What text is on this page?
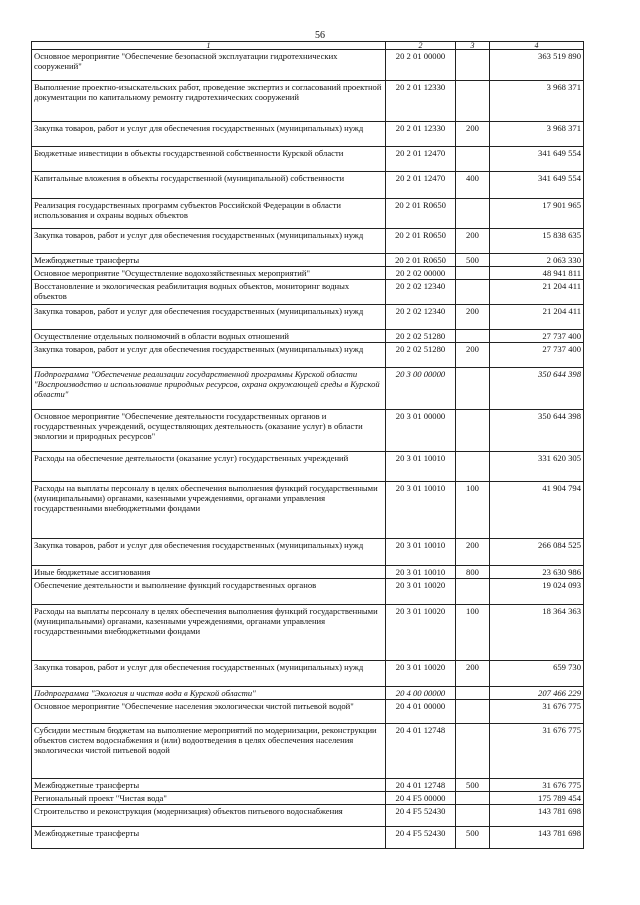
56
1	2	3	4
Основное мероприятие "Обеспечение безопасной эксплуатации гидротехнических сооружений"	20 2 01 00000		363 519 890
Выполнение проектно-изыскательских работ, проведение экспертиз и согласований проектной документации по капитальному ремонту гидротехнических сооружений	20 2 01 12330		3 968 371
Закупка товаров, работ и услуг для обеспечения государственных (муниципальных) нужд	20 2 01 12330	200	3 968 371
Бюджетные инвестиции в объекты государственной собственности Курской области	20 2 01 12470		341 649 554
Капитальные вложения в объекты государственной (муниципальной) собственности	20 2 01 12470	400	341 649 554
Реализация государственных программ субъектов Российской Федерации в области использования и охраны водных объектов	20 2 01 R0650		17 901 965
Закупка товаров, работ и услуг для обеспечения государственных (муниципальных) нужд	20 2 01 R0650	200	15 838 635
Межбюджетные трансферты	20 2 01 R0650	500	2 063 330
Основное мероприятие "Осуществление водохозяйственных мероприятий"	20 2 02 00000		48 941 811
Восстановление и экологическая реабилитация водных объектов, мониторинг водных объектов	20 2 02 12340		21 204 411
Закупка товаров, работ и услуг для обеспечения государственных (муниципальных) нужд	20 2 02 12340	200	21 204 411
Осуществление отдельных полномочий в области водных отношений	20 2 02 51280		27 737 400
Закупка товаров, работ и услуг для обеспечения государственных (муниципальных) нужд	20 2 02 51280	200	27 737 400
Подпрограмма "Обеспечение реализации государственной программы Курской области "Воспроизводство и использование природных ресурсов, охрана окружающей среды в Курской области"	20 3 00 00000		350 644 398
Основное мероприятие "Обеспечение деятельности государственных органов и государственных учреждений, осуществляющих деятельность (оказание услуг) в области экологии и природных ресурсов"	20 3 01 00000		350 644 398
Расходы на обеспечение деятельности (оказание услуг) государственных учреждений	20 3 01 10010		331 620 305
Расходы на выплаты персоналу в целях обеспечения выполнения функций государственными (муниципальными) органами, казенными учреждениями, органами управления государственными внебюджетными фондами	20 3 01 10010	100	41 904 794
Закупка товаров, работ и услуг для обеспечения государственных (муниципальных) нужд	20 3 01 10010	200	266 084 525
Иные бюджетные ассигнования	20 3 01 10010	800	23 630 986
Обеспечение деятельности и выполнение функций государственных органов	20 3 01 10020		19 024 093
Расходы на выплаты персоналу в целях обеспечения выполнения функций государственными (муниципальными) органами, казенными учреждениями, органами управления государственными внебюджетными фондами	20 3 01 10020	100	18 364 363
Закупка товаров, работ и услуг для обеспечения государственных (муниципальных) нужд	20 3 01 10020	200	659 730
Подпрограмма "Экология и чистая вода в Курской области"	20 4 00 00000		207 466 229
Основное мероприятие "Обеспечение населения экологически чистой питьевой водой"	20 4 01 00000		31 676 775
Субсидии местным бюджетам на выполнение мероприятий по модернизации, реконструкции объектов систем водоснабжения и (или) водоотведения в целях обеспечения населения экологически чистой питьевой водой	20 4 01 12748		31 676 775
Межбюджетные трансферты	20 4 01 12748	500	31 676 775
Региональный проект "Чистая вода"	20 4 F5 00000		175 789 454
Строительство и реконструкция (модернизация) объектов питьевого водоснабжения	20 4 F5 52430		143 781 698
Межбюджетные трансферты	20 4 F5 52430	500	143 781 698
